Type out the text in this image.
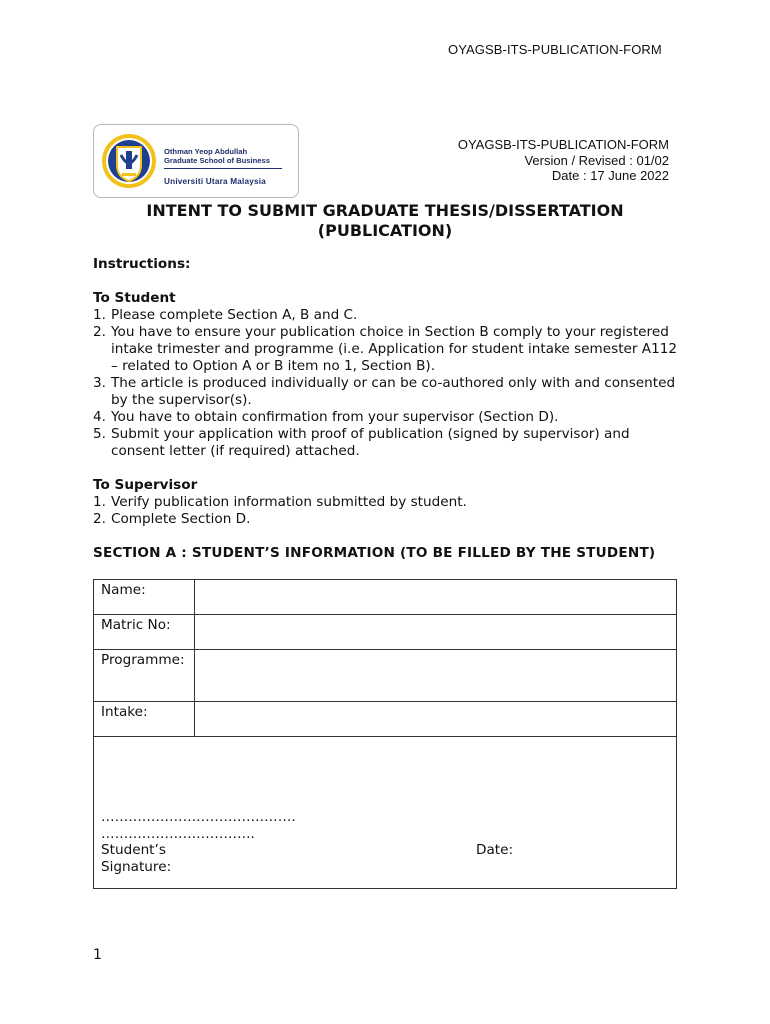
OYAGSB-ITS-PUBLICATION-FORM
Othman Yeop Abdullah
Graduate School of Business
Universiti Utara Malaysia
OYAGSB-ITS-PUBLICATION-FORM
Version / Revised : 01/02
Date : 17 June 2022
INTENT TO SUBMIT GRADUATE THESIS/DISSERTATION
(PUBLICATION)
Instructions:
To Student
1. Please complete Section A, B and C.
2. You have to ensure your publication choice in Section B comply to your registered intake trimester and programme (i.e. Application for student intake semester A112 – related to Option A or B item no 1, Section B).
3. The article is produced individually or can be co-authored only with and consented by the supervisor(s).
4. You have to obtain confirmation from your supervisor (Section D).
5. Submit your application with proof of publication (signed by supervisor) and consent letter (if required) attached.
To Supervisor
1. Verify publication information submitted by student.
2. Complete Section D.
SECTION A : STUDENT’S INFORMATION (TO BE FILLED BY THE STUDENT)
Name:	
Matric No:	
Programme:	
Intake:	

…………………………………….
…………………………….
Student’s Signature:
Date:	
1
